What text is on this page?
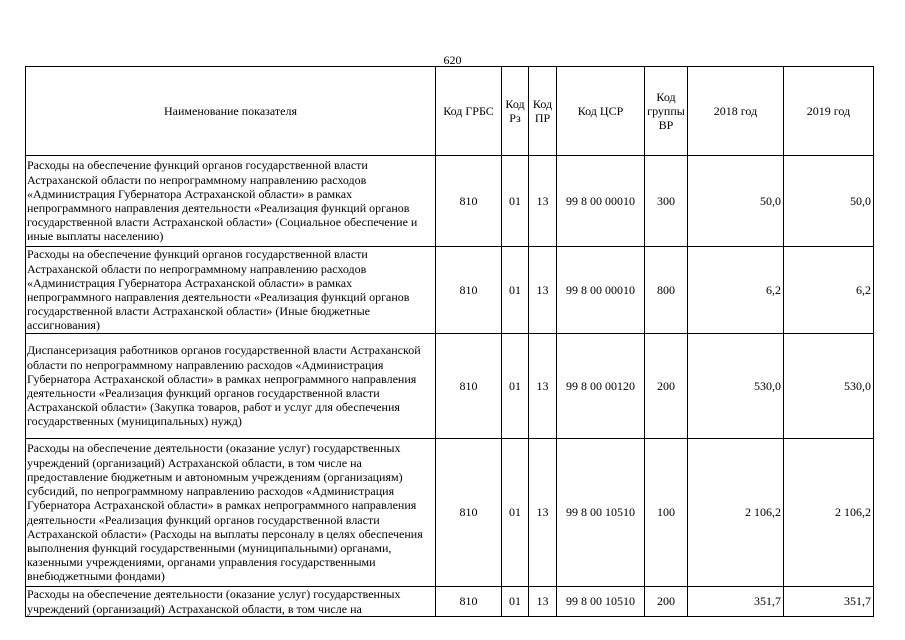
620
Наименование показателя	Код ГРБС	Код Рз	Код ПР	Код ЦСР	Код группы ВР	2018 год	2019 год
Расходы на обеспечение функций органов государственной власти Астраханской области по непрограммному направлению расходов «Администрация Губернатора Астраханской области» в рамках непрограммного направления деятельности «Реализация функций органов государственной власти Астраханской области» (Социальное обеспечение и иные выплаты населению)	810	01	13	99 8 00 00010	300	50,0	50,0
Расходы на обеспечение функций органов государственной власти Астраханской области по непрограммному направлению расходов «Администрация Губернатора Астраханской области» в рамках непрограммного направления деятельности «Реализация функций органов государственной власти Астраханской области» (Иные бюджетные ассигнования)	810	01	13	99 8 00 00010	800	6,2	6,2
Диспансеризация работников органов государственной власти Астраханской области по непрограммному направлению расходов «Администрация Губернатора Астраханской области» в рамках непрограммного направления деятельности «Реализация функций органов государственной власти Астраханской области» (Закупка товаров, работ и услуг для обеспечения государственных (муниципальных) нужд)	810	01	13	99 8 00 00120	200	530,0	530,0
Расходы на обеспечение деятельности (оказание услуг) государственных учреждений (организаций) Астраханской области, в том числе на предоставление бюджетным и автономным учреждениям (организациям) субсидий, по непрограммному направлению расходов «Администрация Губернатора Астраханской области» в рамках непрограммного направления деятельности «Реализация функций органов государственной власти Астраханской области» (Расходы на выплаты персоналу в целях обеспечения выполнения функций государственными (муниципальными) органами, казенными учреждениями, органами управления государственными внебюджетными фондами)	810	01	13	99 8 00 10510	100	2 106,2	2 106,2
Расходы на обеспечение деятельности (оказание услуг) государственных учреждений (организаций) Астраханской области, в том числе на	810	01	13	99 8 00 10510	200	351,7	351,7
